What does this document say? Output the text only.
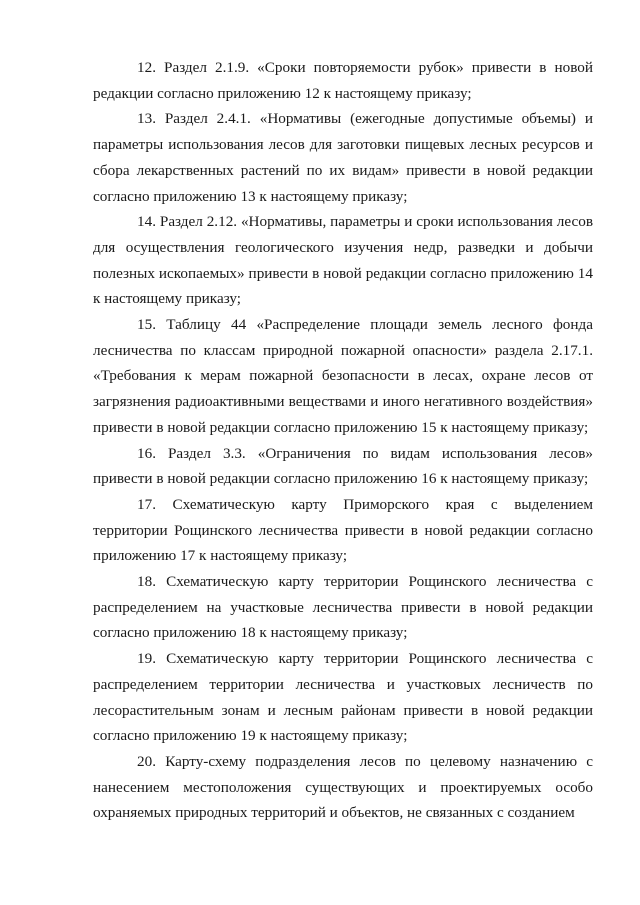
12. Раздел 2.1.9. «Сроки повторяемости рубок» привести в новой редакции согласно приложению 12 к настоящему приказу;

13. Раздел 2.4.1. «Нормативы (ежегодные допустимые объемы) и параметры использования лесов для заготовки пищевых лесных ресурсов и сбора лекарственных растений по их видам» привести в новой редакции согласно приложению 13 к настоящему приказу;

14. Раздел 2.12. «Нормативы, параметры и сроки использования лесов для осуществления геологического изучения недр, разведки и добычи полезных ископаемых» привести в новой редакции согласно приложению 14 к настоящему приказу;

15. Таблицу 44 «Распределение площади земель лесного фонда лесничества по классам природной пожарной опасности» раздела 2.17.1. «Требования к мерам пожарной безопасности в лесах, охране лесов от загрязнения радиоактивными веществами и иного негативного воздействия» привести в новой редакции согласно приложению 15 к настоящему приказу;

16. Раздел 3.3. «Ограничения по видам использования лесов» привести в новой редакции согласно приложению 16 к настоящему приказу;

17. Схематическую карту Приморского края с выделением территории Рощинского лесничества привести в новой редакции согласно приложению 17 к настоящему приказу;

18. Схематическую карту территории Рощинского лесничества с распределением на участковые лесничества привести в новой редакции согласно приложению 18 к настоящему приказу;

19. Схематическую карту территории Рощинского лесничества с распределением территории лесничества и участковых лесничеств по лесорастительным зонам и лесным районам привести в новой редакции согласно приложению 19 к настоящему приказу;

20. Карту-схему подразделения лесов по целевому назначению с нанесением местоположения существующих и проектируемых особо охраняемых природных территорий и объектов, не связанных с созданием
